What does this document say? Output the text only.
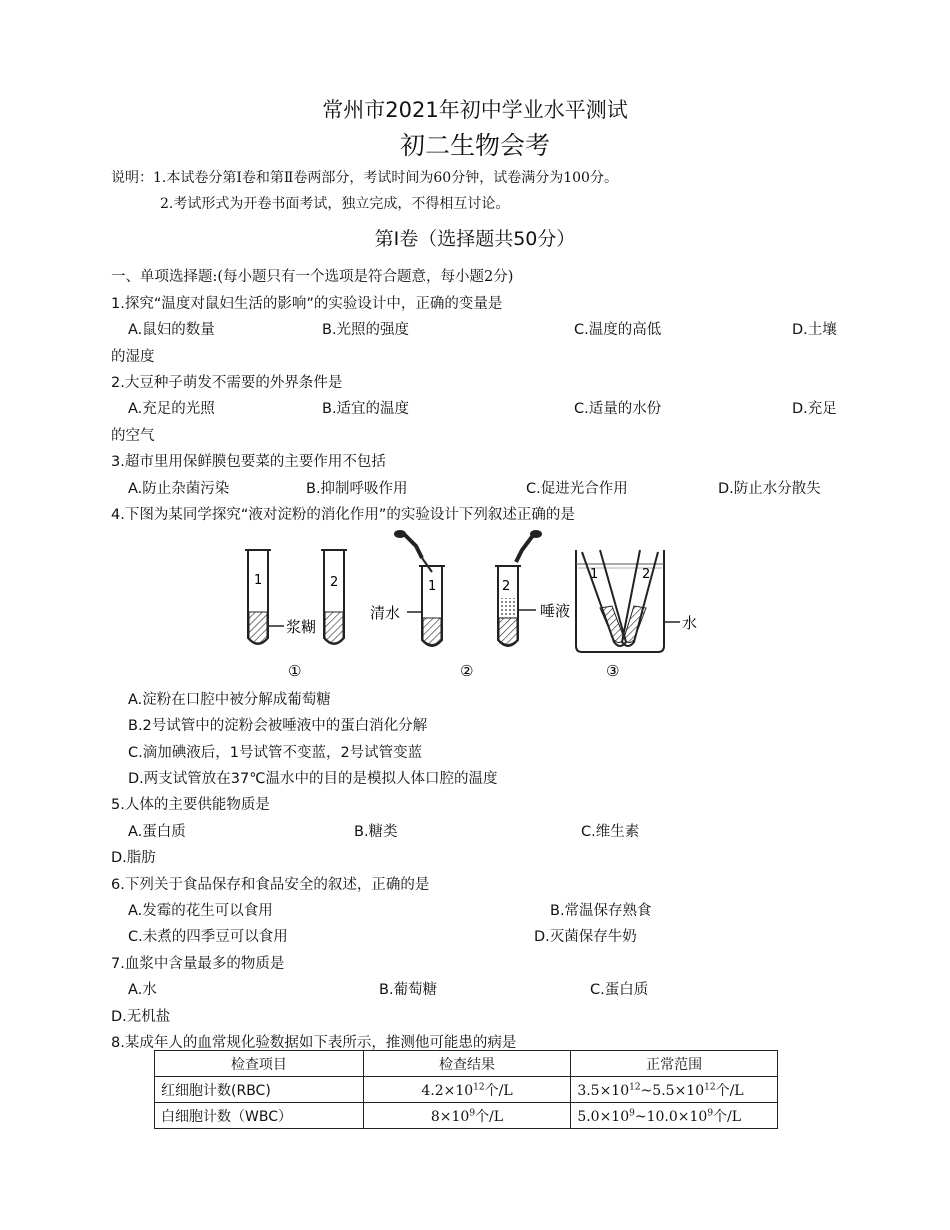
常州市2021年初中学业水平测试
初二生物会考
说明：1.本试卷分第Ⅰ卷和第Ⅱ卷两部分，考试时间为60分钟，试卷满分为100分。
2.考试形式为开卷书面考试，独立完成，不得相互讨论。
第Ⅰ卷（选择题共50分）
一、单项选择题:(每小题只有一个选项是符合题意，每小题2分)
1.探究“温度对鼠妇生活的影响”的实验设计中，正确的变量是
A.鼠妇的数量	B.光照的强度	C.温度的高低	D.土壤
的湿度
2.大豆种子萌发不需要的外界条件是
A.充足的光照	B.适宜的温度	C.适量的水份	D.充足
的空气
3.超市里用保鲜膜包要菜的主要作用不包括
A.防止杂菌污染	B.抑制呼吸作用	C.促进光合作用	D.防止水分散失
4.下图为某同学探究“液对淀粉的消化作用”的实验设计下列叙述正确的是
1	2
浆糊
1
清水
2
唾液
1	2
水
①	②	③
A.淀粉在口腔中被分解成葡萄糖
B.2号试管中的淀粉会被唾液中的蛋白消化分解
C.滴加碘液后，1号试管不变蓝，2号试管变蓝
D.两支试管放在37℃温水中的目的是模拟人体口腔的温度
5.人体的主要供能物质是
A.蛋白质	B.糖类	C.维生素
D.脂肪
6.下列关于食品保存和食品安全的叙述，正确的是
A.发霉的花生可以食用	B.常温保存熟食
C.未煮的四季豆可以食用	D.灭菌保存牛奶
7.血浆中含量最多的物质是
A.水	B.葡萄糖	C.蛋白质
D.无机盐
8.某成年人的血常规化验数据如下表所示，推测他可能患的病是
检查项目	检查结果	正常范围
红细胞计数(RBC)	$4.2\times 10^{12}$个/L	$3.5\times 10^{12}\sim 5.5\times 10^{12}$个/L
白细胞计数（WBC）	$8\times 10^9$个/L	$5.0\times 10^9\sim 10.0\times 10^9$个/L
